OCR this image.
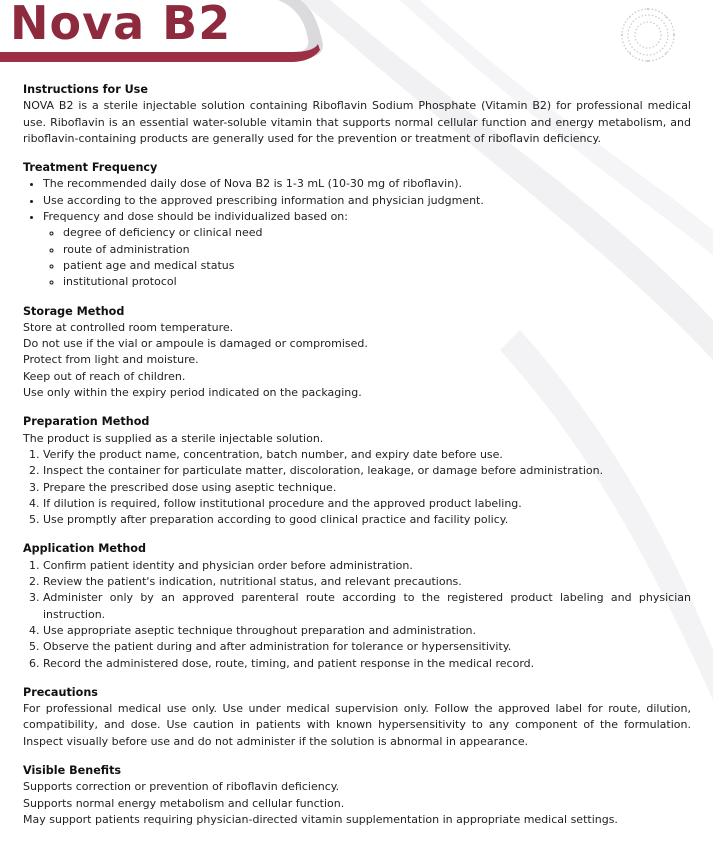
Nova B2
Instructions for Use

NOVA B2 is a sterile injectable solution containing Riboflavin Sodium Phosphate (Vitamin B2) for professional medical use. Riboflavin is an essential water-soluble vitamin that supports normal cellular function and energy metabolism, and riboflavin-containing products are generally used for the prevention or treatment of riboflavin deficiency.

Treatment Frequency
• The recommended daily dose of Nova B2 is 1-3 mL (10-30 mg of riboflavin).
• Use according to the approved prescribing information and physician judgment.
• Frequency and dose should be individualized based on:
◦ degree of deficiency or clinical need
◦ route of administration
◦ patient age and medical status
◦ institutional protocol
Storage Method

Store at controlled room temperature.

Do not use if the vial or ampoule is damaged or compromised.

Protect from light and moisture.

Keep out of reach of children.

Use only within the expiry period indicated on the packaging.

Preparation Method

The product is supplied as a sterile injectable solution.

1. Verify the product name, concentration, batch number, and expiry date before use.
2. Inspect the container for particulate matter, discoloration, leakage, or damage before administration.
3. Prepare the prescribed dose using aseptic technique.
4. If dilution is required, follow institutional procedure and the approved product labeling.
5. Use promptly after preparation according to good clinical practice and facility policy.
Application Method
1. Confirm patient identity and physician order before administration.
2. Review the patient's indication, nutritional status, and relevant precautions.
3. Administer only by an approved parenteral route according to the registered product labeling and physician instruction.
4. Use appropriate aseptic technique throughout preparation and administration.
5. Observe the patient during and after administration for tolerance or hypersensitivity.
6. Record the administered dose, route, timing, and patient response in the medical record.
Precautions

For professional medical use only. Use under medical supervision only. Follow the approved label for route, dilution, compatibility, and dose. Use caution in patients with known hypersensitivity to any component of the formulation. Inspect visually before use and do not administer if the solution is abnormal in appearance.

Visible Benefits

Supports correction or prevention of riboflavin deficiency.

Supports normal energy metabolism and cellular function.

May support patients requiring physician-directed vitamin supplementation in appropriate medical settings.
